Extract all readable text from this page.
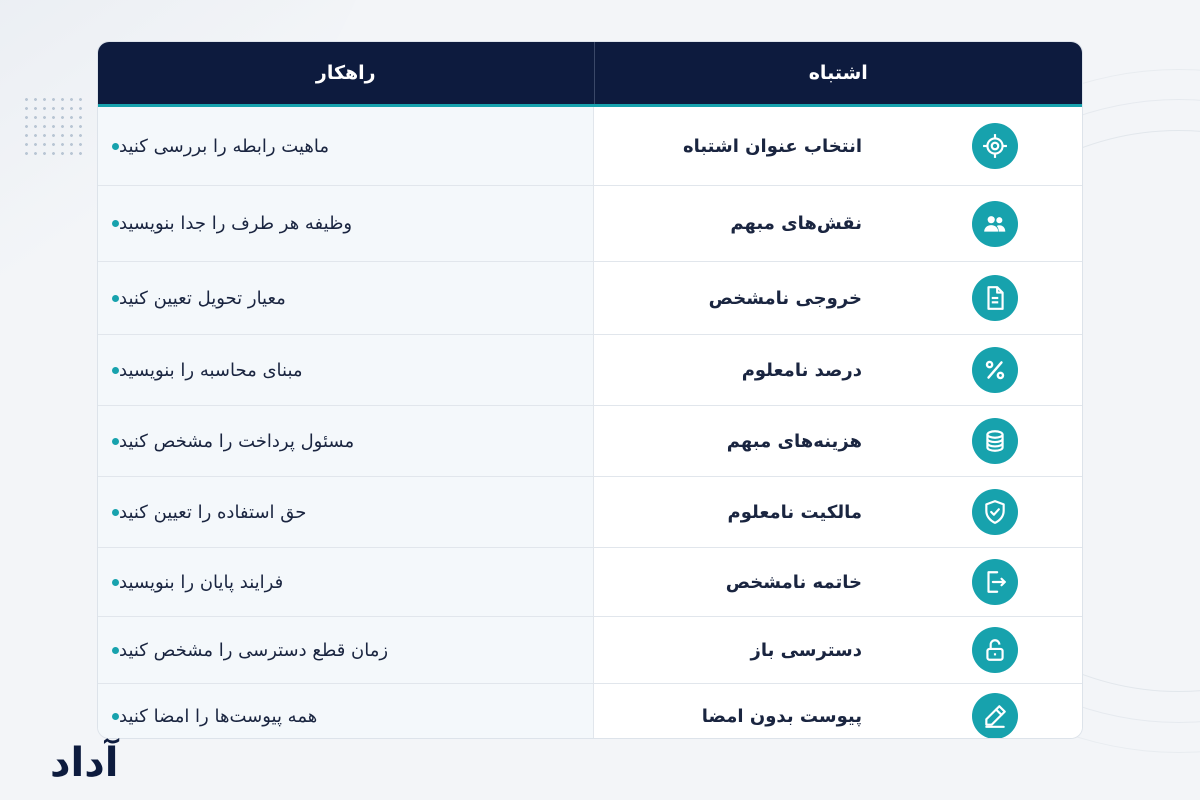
راهکار	اشتباه
ماهیت رابطه را بررسی کنید	انتخاب عنوان اشتباه
وظیفه هر طرف را جدا بنویسید	نقش‌های مبهم
معیار تحویل تعیین کنید	خروجی نامشخص
مبنای محاسبه را بنویسید	درصد نامعلوم
مسئول پرداخت را مشخص کنید	هزینه‌های مبهم
حق استفاده را تعیین کنید	مالکیت نامعلوم
فرایند پایان را بنویسید	خاتمه نامشخص
زمان قطع دسترسی را مشخص کنید	دسترسی باز
همه پیوست‌ها را امضا کنید	پیوست بدون امضا
آداد
